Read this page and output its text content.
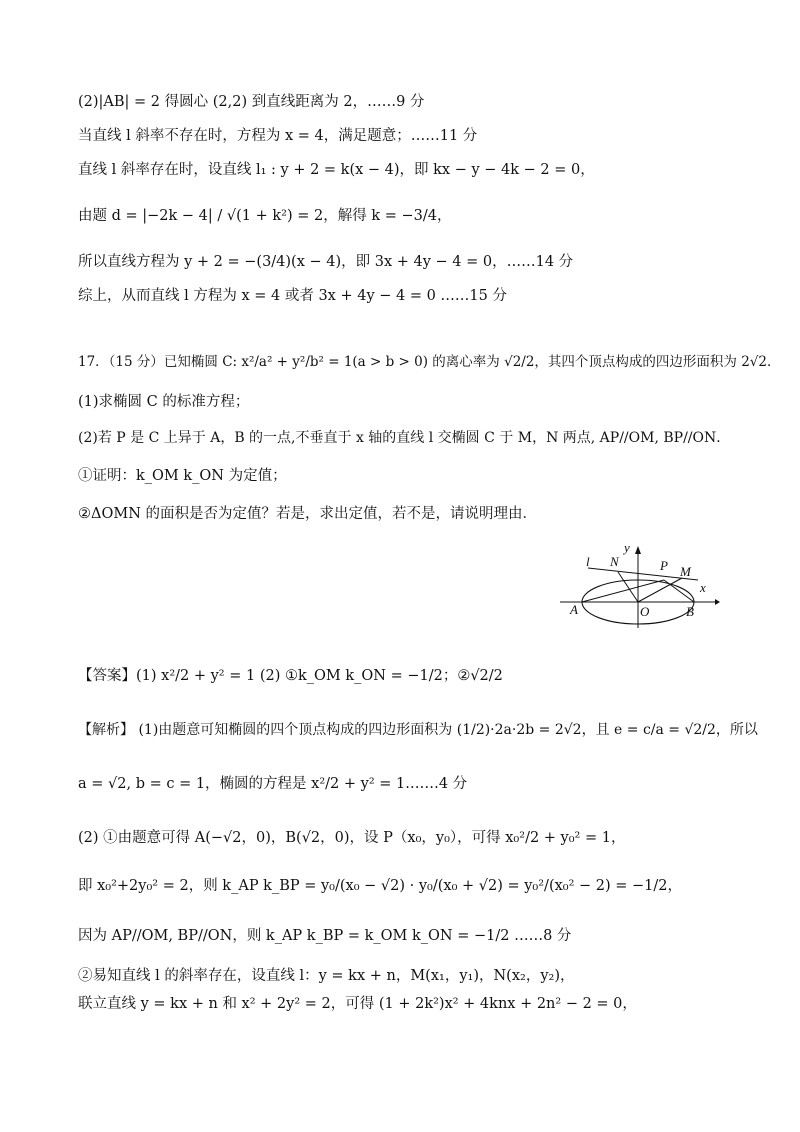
(2)|AB| = 2 得圆心 (2,2) 到直线距离为 2，……9 分
当直线 l 斜率不存在时，方程为 x = 4，满足题意；……11 分
直线 l 斜率存在时，设直线 l₁ : y + 2 = k(x − 4)，即 kx − y − 4k − 2 = 0，
由题 d = |−2k − 4| / √(1 + k²) = 2，解得 k = −3/4，
所以直线方程为 y + 2 = −(3/4)(x − 4)，即 3x + 4y − 4 = 0，……14 分
综上，从而直线 l 方程为 x = 4 或者 3x + 4y − 4 = 0 ……15 分
17．（15 分）已知椭圆 C: x²/a² + y²/b² = 1(a > b > 0) 的离心率为 √2/2，其四个顶点构成的四边形面积为 2√2．
(1)求椭圆 C 的标准方程；
(2)若 P 是 C 上异于 A，B 的一点,不垂直于 x 轴的直线 l 交椭圆 C 于 M，N 两点, AP//OM, BP//ON．
①证明：k_OM k_ON 为定值；
②ΔOMN 的面积是否为定值？若是，求出定值，若不是，请说明理由．
l N
y
P M
x
A	O	B
【答案】(1) x²/2 + y² = 1 (2) ①k_OM k_ON = −1/2；②√2/2
【解析】 (1)由题意可知椭圆的四个顶点构成的四边形面积为 (1/2)·2a·2b = 2√2，且 e = c/a = √2/2，所以
a = √2, b = c = 1，椭圆的方程是 x²/2 + y² = 1.……4 分
(2) ①由题意可得 A(−√2，0)，B(√2，0)，设 P（x₀，y₀），可得 x₀²/2 + y₀² = 1，
即 x₀²+2y₀² = 2，则 k_AP k_BP = y₀/(x₀ − √2) · y₀/(x₀ + √2) = y₀²/(x₀² − 2) = −1/2，
因为 AP//OM, BP//ON，则 k_AP k_BP = k_OM k_ON = −1/2 ……8 分
②易知直线 l 的斜率存在，设直线 l：y = kx + n，M(x₁，y₁)，N(x₂，y₂)，
联立直线 y = kx + n 和 x² + 2y² = 2，可得 (1 + 2k²)x² + 4knx + 2n² − 2 = 0，
